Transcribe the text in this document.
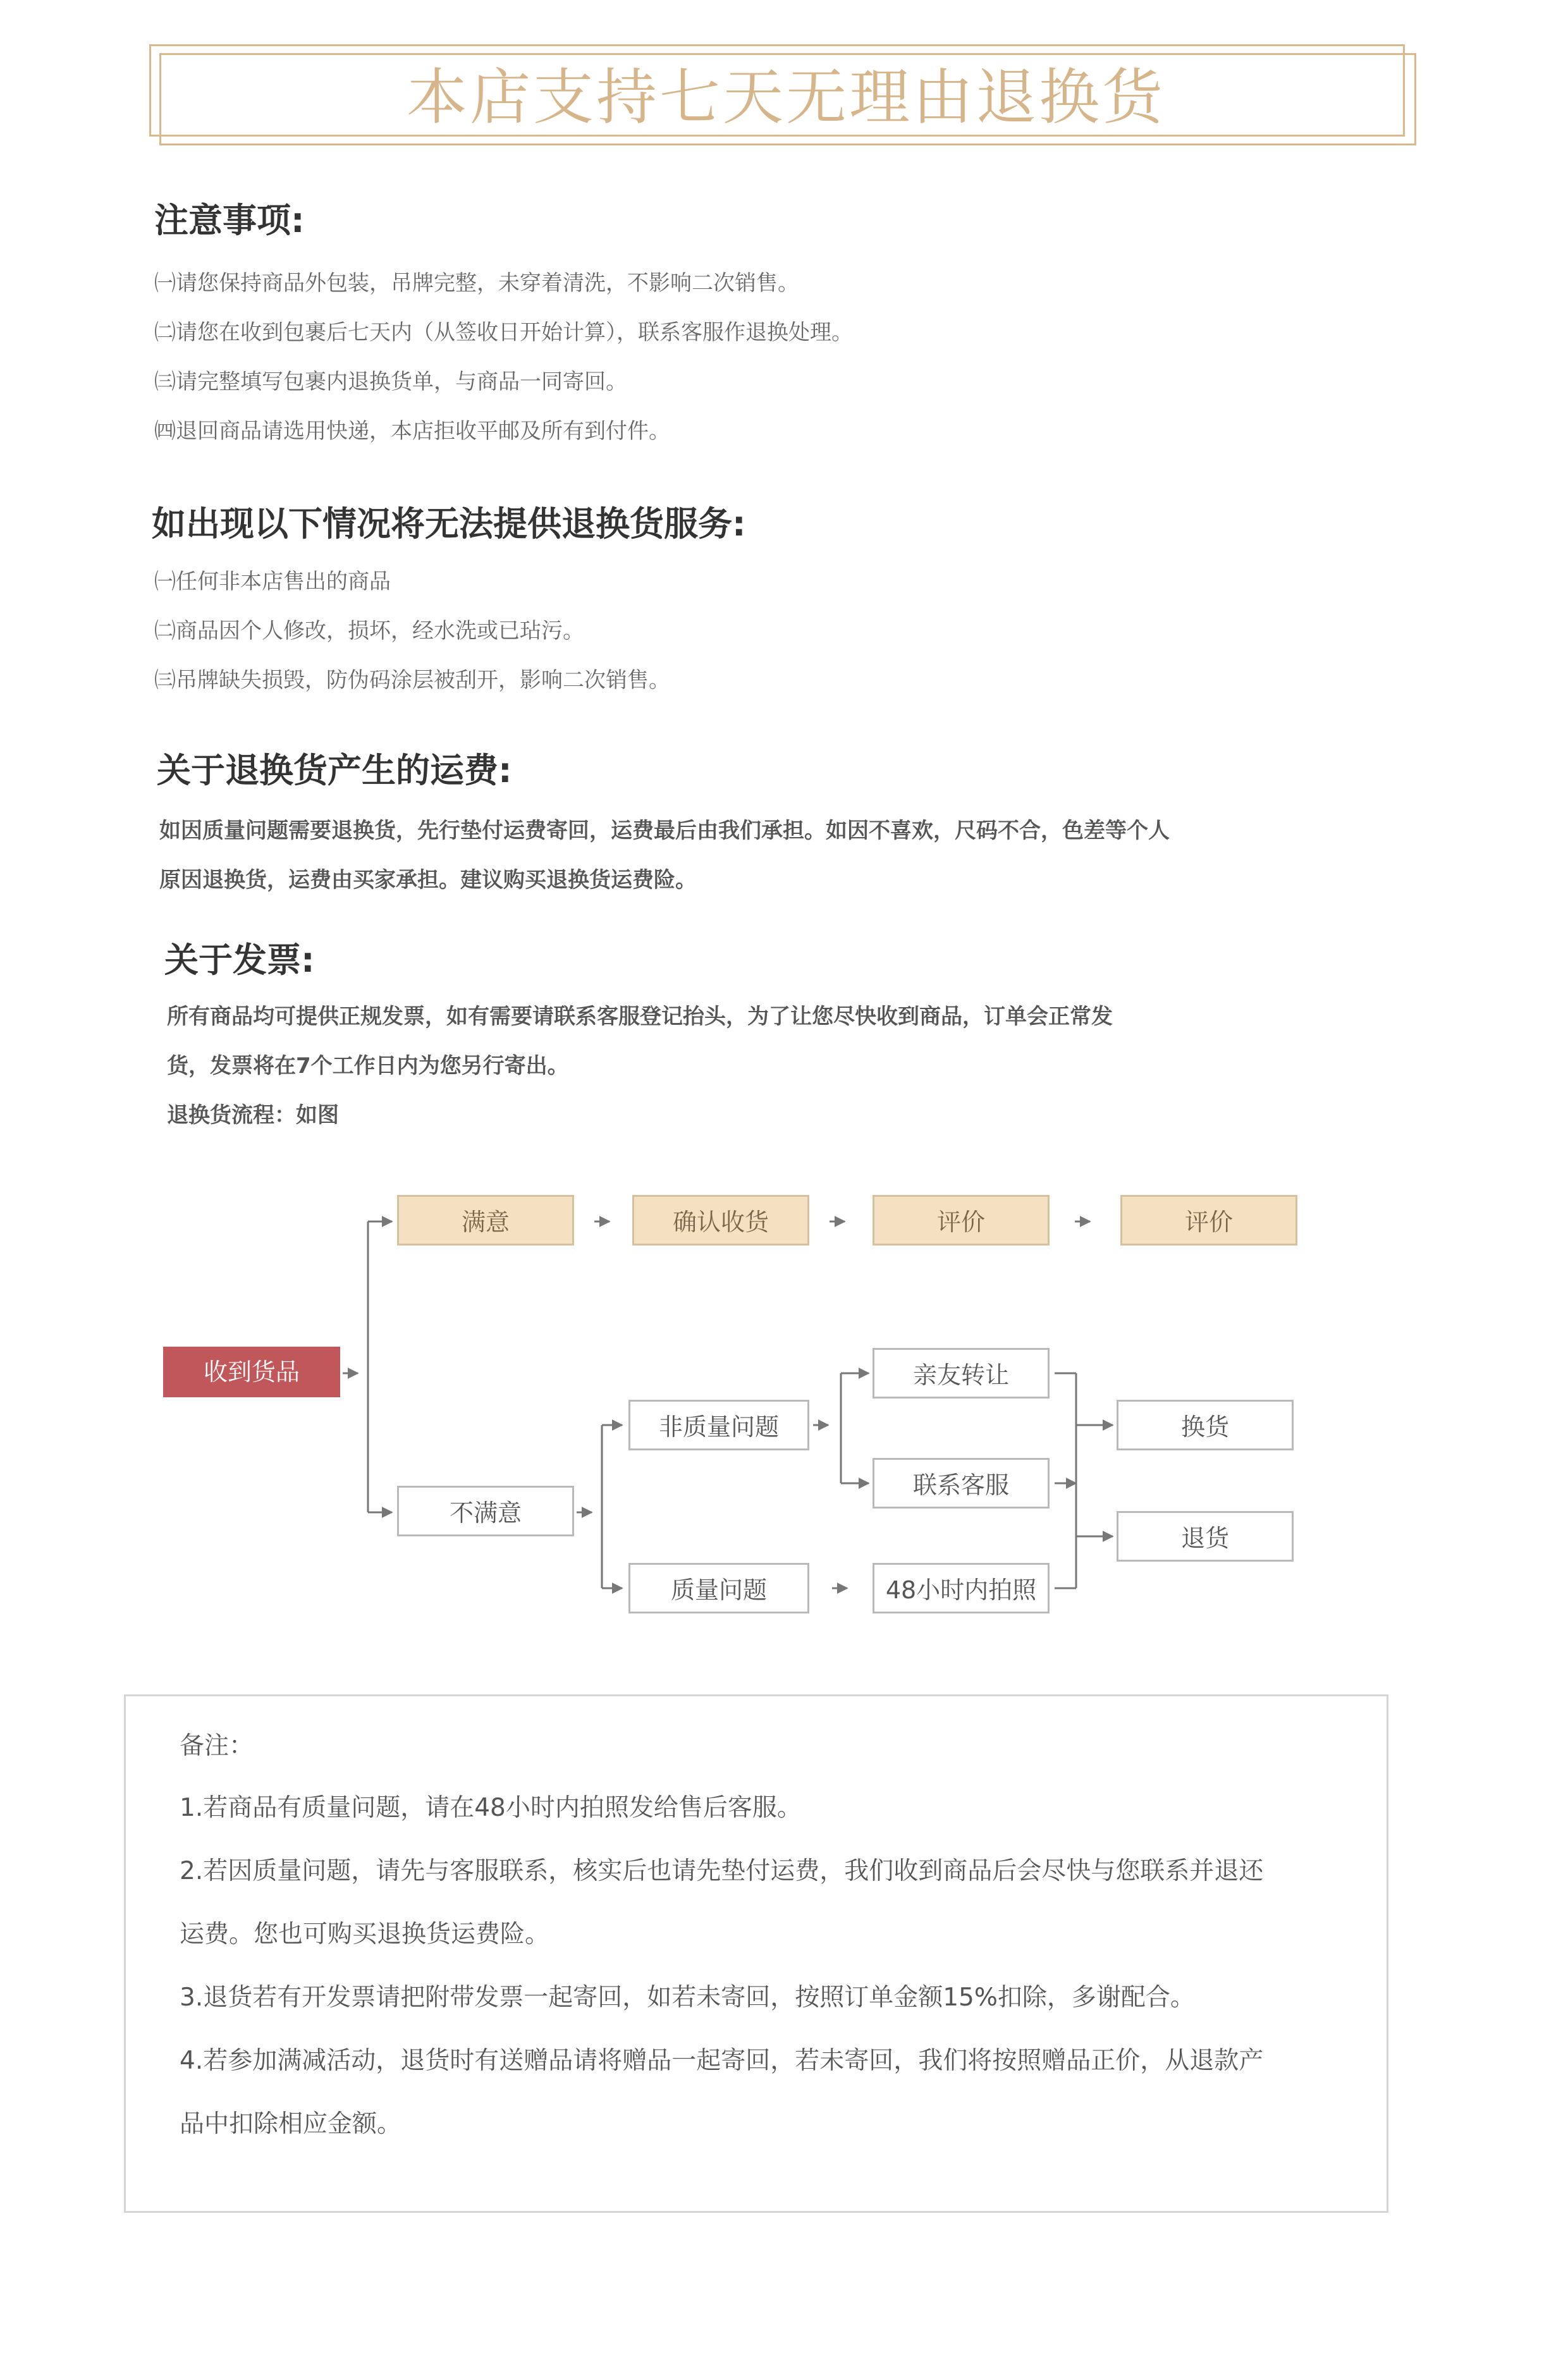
本店支持七天无理由退换货
注意事项:
㈠请您保持商品外包装，吊牌完整，未穿着清洗，不影响二次销售。
㈡请您在收到包裹后七天内（从签收日开始计算），联系客服作退换处理。
㈢请完整填写包裹内退换货单，与商品一同寄回。
㈣退回商品请选用快递，本店拒收平邮及所有到付件。
如出现以下情况将无法提供退换货服务:
㈠任何非本店售出的商品
㈡商品因个人修改，损坏，经水洗或已玷污。
㈢吊牌缺失损毁，防伪码涂层被刮开，影响二次销售。
关于退换货产生的运费:
如因质量问题需要退换货，先行垫付运费寄回，运费最后由我们承担。如因不喜欢，尺码不合，色差等个人
原因退换货，运费由买家承担。建议购买退换货运费险。
关于发票:
所有商品均可提供正规发票，如有需要请联系客服登记抬头，为了让您尽快收到商品，订单会正常发
货，发票将在7个工作日内为您另行寄出。
退换货流程：如图
收到货品
满意	确认收货	评价	评价
不满意
非质量问题
质量问题
亲友转让
联系客服
48小时内拍照
换货
退货
备注：
1.若商品有质量问题，请在48小时内拍照发给售后客服。
2.若因质量问题，请先与客服联系，核实后也请先垫付运费，我们收到商品后会尽快与您联系并退还
运费。您也可购买退换货运费险。
3.退货若有开发票请把附带发票一起寄回，如若未寄回，按照订单金额15%扣除，多谢配合。
4.若参加满减活动，退货时有送赠品请将赠品一起寄回，若未寄回，我们将按照赠品正价，从退款产
品中扣除相应金额。
